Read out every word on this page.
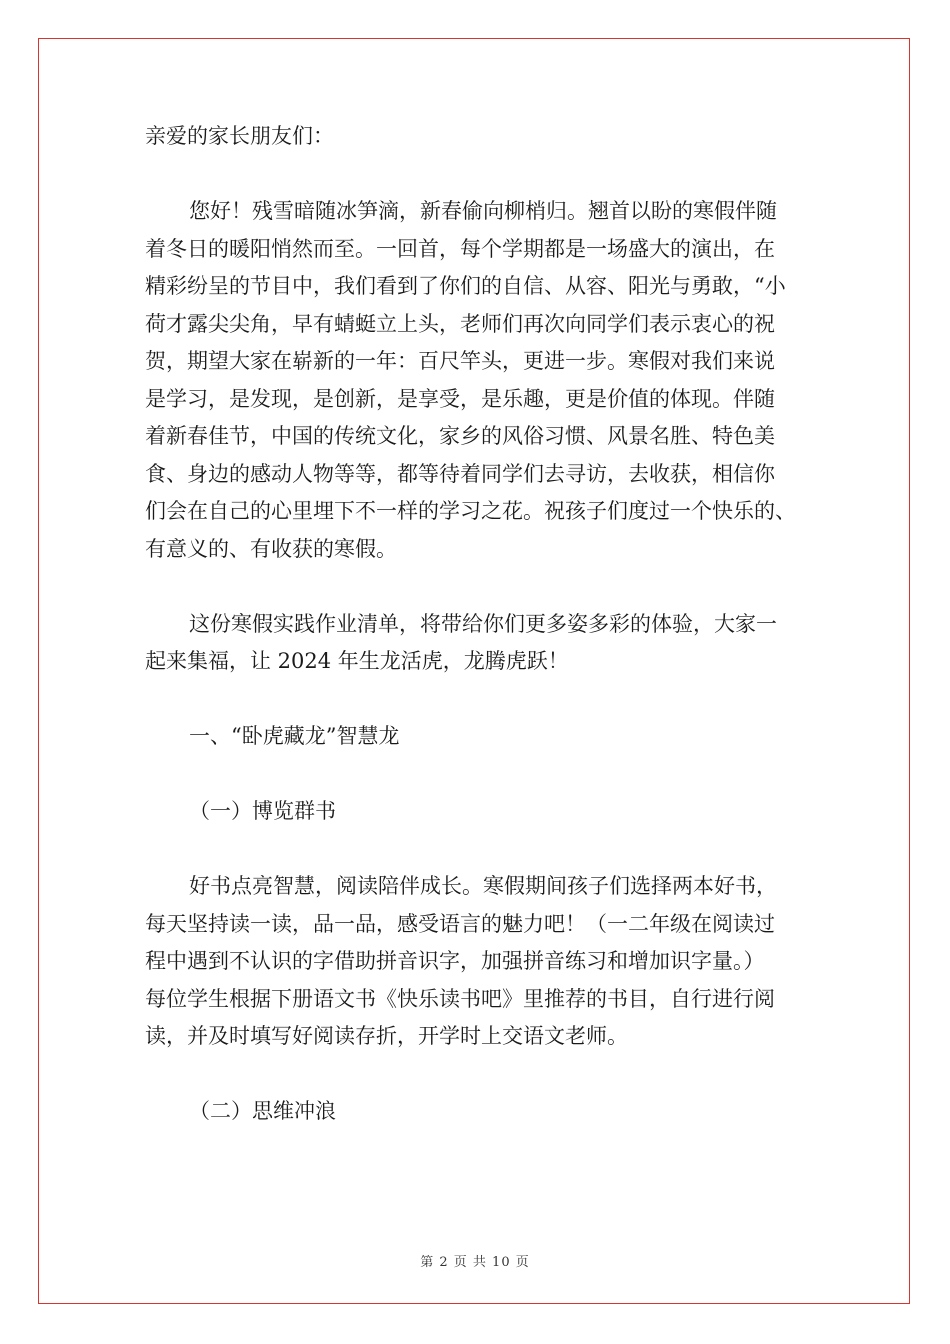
亲爱的家长朋友们：

您好！残雪暗随冰笋滴，新春偷向柳梢归。翘首以盼的寒假伴随

着冬日的暖阳悄然而至。一回首，每个学期都是一场盛大的演出，在

精彩纷呈的节目中，我们看到了你们的自信、从容、阳光与勇敢，“小

荷才露尖尖角，早有蜻蜓立上头，老师们再次向同学们表示衷心的祝

贺，期望大家在崭新的一年：百尺竿头，更进一步。寒假对我们来说

是学习，是发现，是创新，是享受，是乐趣，更是价值的体现。伴随

着新春佳节，中国的传统文化，家乡的风俗习惯、风景名胜、特色美

食、身边的感动人物等等，都等待着同学们去寻访，去收获，相信你

们会在自己的心里埋下不一样的学习之花。祝孩子们度过一个快乐的、

有意义的、有收获的寒假。

这份寒假实践作业清单，将带给你们更多姿多彩的体验，大家一

起来集福，让 2024 年生龙活虎，龙腾虎跃！

一、“卧虎藏龙”智慧龙

（一）博览群书

好书点亮智慧，阅读陪伴成长。寒假期间孩子们选择两本好书，

每天坚持读一读，品一品，感受语言的魅力吧！（一二年级在阅读过

程中遇到不认识的字借助拼音识字，加强拼音练习和增加识字量。）

每位学生根据下册语文书《快乐读书吧》里推荐的书目，自行进行阅

读，并及时填写好阅读存折，开学时上交语文老师。

（二）思维冲浪

第 2 页 共 10 页
